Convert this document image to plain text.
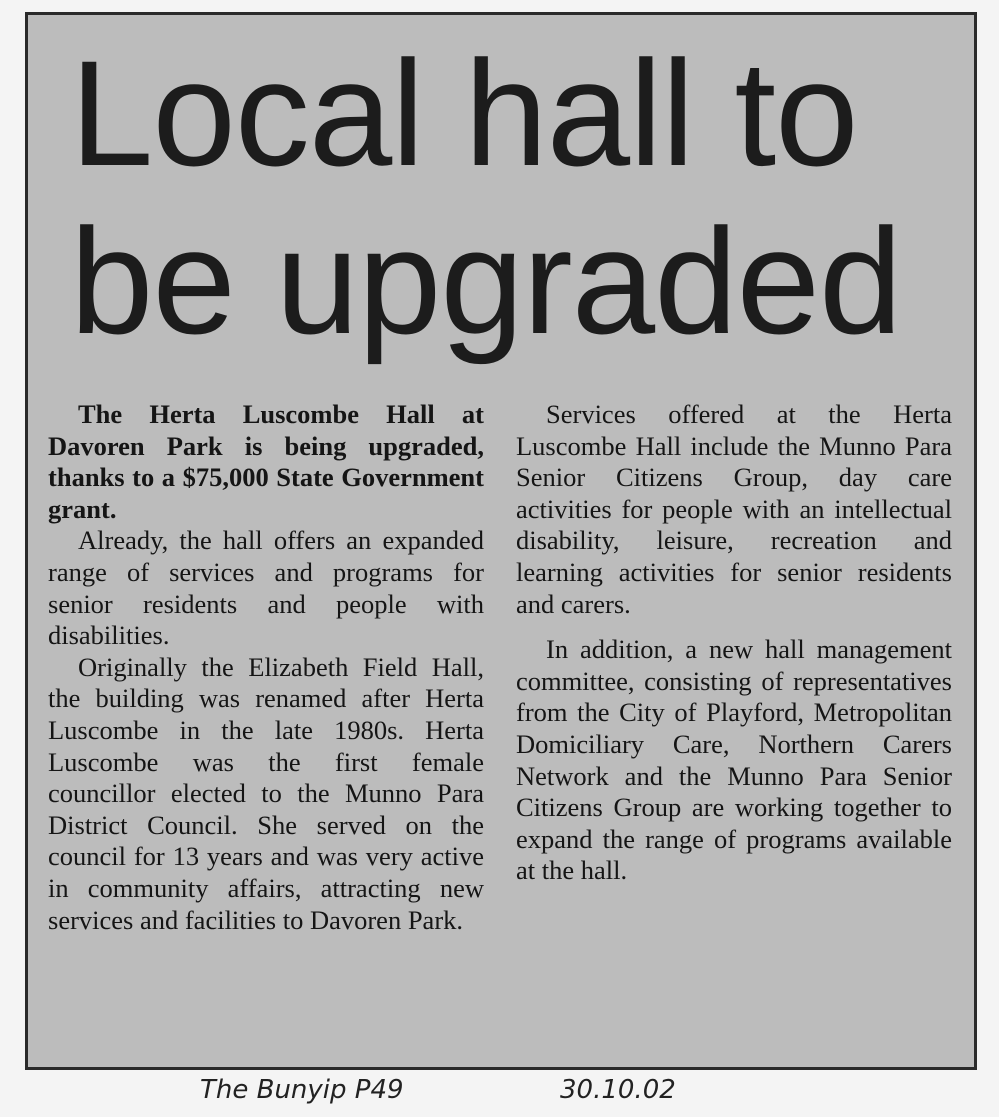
Local hall to be upgraded

The Herta Luscombe Hall at Davoren Park is being upgraded, thanks to a $75,000 State Government grant.

Already, the hall offers an expanded range of services and programs for senior residents and people with disabilities.

Originally the Elizabeth Field Hall, the building was renamed after Herta Luscombe in the late 1980s. Herta Luscombe was the first female councillor elected to the Munno Para District Council. She served on the council for 13 years and was very active in community affairs, attracting new services and facilities to Davoren Park.

Services offered at the Herta Luscombe Hall include the Munno Para Senior Citizens Group, day care activities for people with an intellectual disability, leisure, recreation and learning activities for senior residents and carers.

In addition, a new hall management committee, consisting of representatives from the City of Playford, Metropolitan Domiciliary Care, Northern Carers Network and the Munno Para Senior Citizens Group are working together to expand the range of programs available at the hall.

The Bunyip P49	30.10.02
